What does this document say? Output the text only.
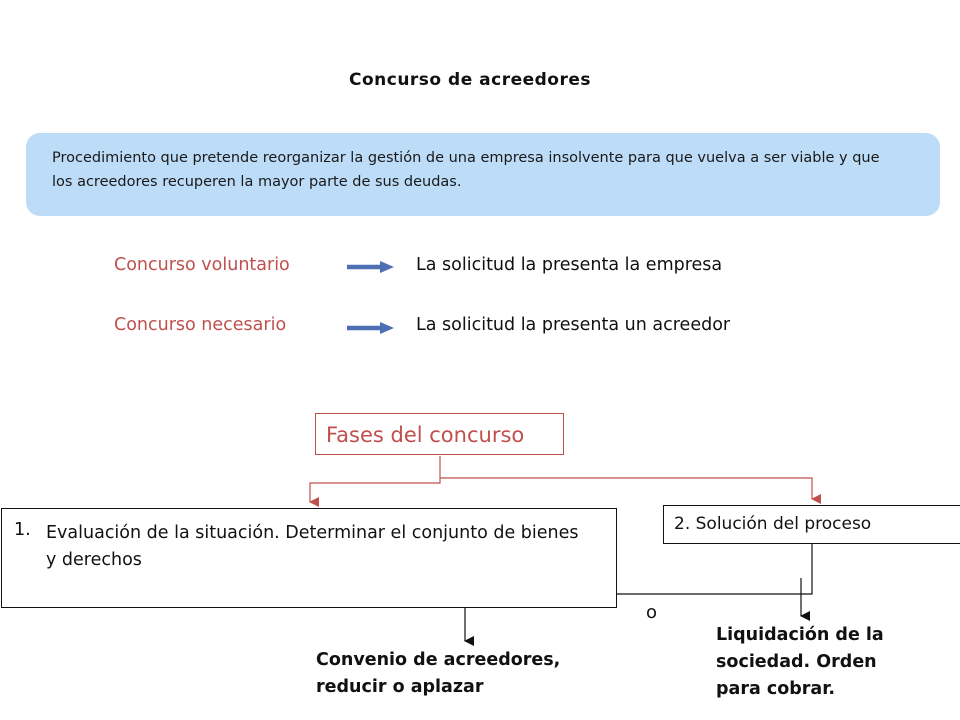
Concurso de acreedores
Procedimiento que pretende reorganizar la gestión de una empresa insolvente para que vuelva a ser viable y que los acreedores recuperen la mayor parte de sus deudas.
Concurso voluntario	La solicitud la presenta la empresa
Concurso necesario	La solicitud la presenta un acreedor
Fases del concurso
1. Evaluación de la situación. Determinar el conjunto de bienes y derechos
2. Solución del proceso
o
Convenio de acreedores, reducir o aplazar
Liquidación de la sociedad. Orden para cobrar.
